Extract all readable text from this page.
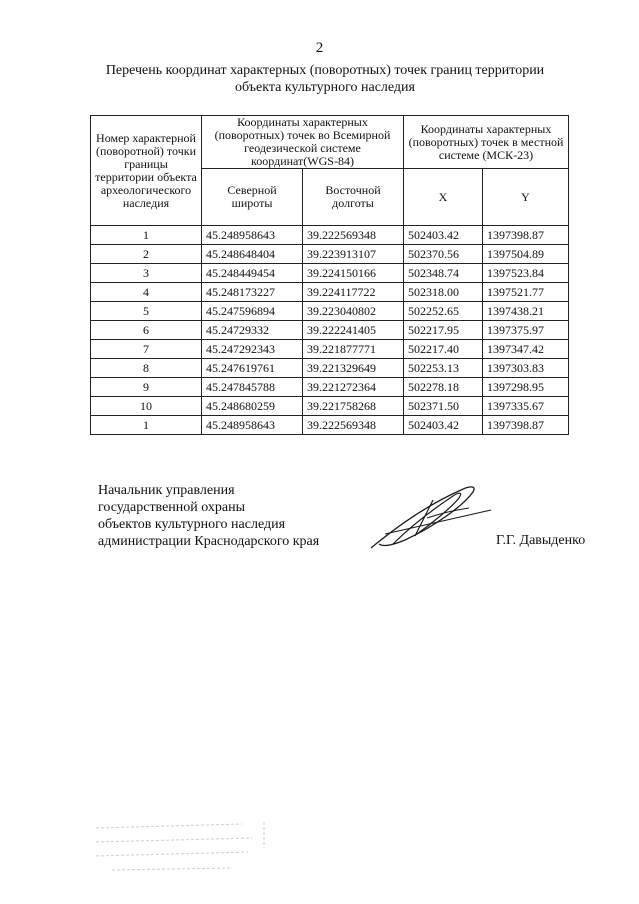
2
Перечень координат характерных (поворотных) точек границ территории
объекта культурного наследия
Номер характерной (поворотной) точки границы территории объекта археологического наследия	Координаты характерных (поворотных) точек во Всемирной геодезической системе координат(WGS-84)		Координаты характерных (поворотных) точек в местной системе (МСК-23)	
	Северной широты	Восточной долготы	X	Y
1	45.248958643	39.222569348	502403.42	1397398.87
2	45.248648404	39.223913107	502370.56	1397504.89
3	45.248449454	39.224150166	502348.74	1397523.84
4	45.248173227	39.224117722	502318.00	1397521.77
5	45.247596894	39.223040802	502252.65	1397438.21
6	45.24729332	39.222241405	502217.95	1397375.97
7	45.247292343	39.221877771	502217.40	1397347.42
8	45.247619761	39.221329649	502253.13	1397303.83
9	45.247845788	39.221272364	502278.18	1397298.95
10	45.248680259	39.221758268	502371.50	1397335.67
1	45.248958643	39.222569348	502403.42	1397398.87
Начальник управления
государственной охраны
объектов культурного наследия
администрации Краснодарского края	Г.Г. Давыденко
